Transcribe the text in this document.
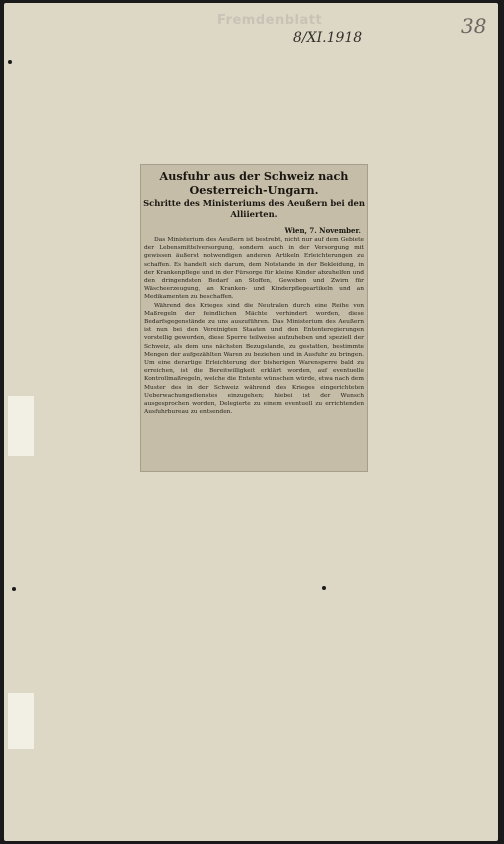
Fremdenblatt
8/XI.1918	38
Ausfuhr aus der Schweiz nach Oesterreich-Ungarn.
Schritte des Ministeriums des Aeußern bei den Alliierten.
Wien, 7. November.

Das Ministerium des Aeußern ist bestrebt, nicht nur auf dem Gebiete der Lebensmittelversorgung, sondern auch in der Versorgung mit gewissen äußerst notwendigen anderen Artikeln Erleichterungen zu schaffen. Es handelt sich darum, dem Notstande in der Bekleidung, in der Krankenpflege und in der Fürsorge für kleine Kinder abzuhelfen und den dringendsten Bedarf an Stoffen, Geweben und Zwirn für Wäscheerzeugung, an Kranken- und Kinderpflegeartikeln und an Medikamenten zu beschaffen.

Während des Krieges sind die Neutralen durch eine Reihe von Maßregeln der feindlichen Mächte verhindert worden, diese Bedarfsgegenstände zu uns auszuführen. Das Ministerium des Aeußern ist nun bei den Vereinigten Staaten und den Ententeregierungen vorstellig geworden, diese Sperre teilweise aufzuheben und speziell der Schweiz, als dem uns nächsten Bezugslande, zu gestatten, bestimmte Mengen der aufgezählten Waren zu beziehen und in Ausfuhr zu bringen. Um eine derartige Erleichterung der bisherigen Warensperre bald zu erreichen, ist die Bereitwilligkeit erklärt worden, auf eventuelle Kontrollmaßregeln, welche die Entente wünschen würde, etwa nach dem Muster des in der Schweiz während des Krieges eingerichteten Ueberwachungsdienstes einzugehen; hiebei ist der Wunsch ausgesprochen worden, Delegierte zu einem eventuell zu errichtenden Ausfuhrbureau zu entsenden.
